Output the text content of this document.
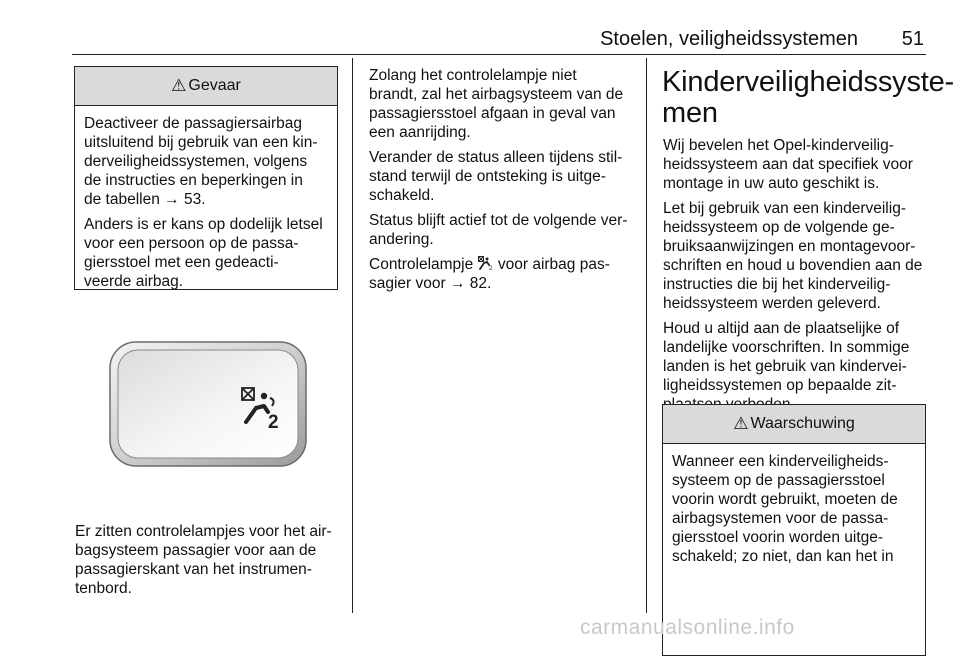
Stoelen, veiligheidssystemen 51
⚠ Gevaar

Deactiveer de passagiersairbag
uitsluitend bij gebruik van een kin-
derveiligheidssystemen, volgens
de instructies en beperkingen in
de tabellen → 53.

Anders is er kans op dodelijk letsel
voor een persoon op de passa-
giersstoel met een gedeacti-
veerde airbag.

2
Er zitten controlelampjes voor het air-
bagsysteem passagier voor aan de
passagierskant van het instrumen-
tenbord.

Zolang het controlelampje niet
brandt, zal het airbagsysteem van de
passagiersstoel afgaan in geval van
een aanrijding.

Verander de status alleen tijdens stil-
stand terwijl de ontsteking is uitge-
schakeld.

Status blijft actief tot de volgende ver-
andering.

Controlelampje	2 voor airbag pas-
sagier voor → 82.

Kinderveiligheidssyste-
men

Wij bevelen het Opel-kinderveilig-
heidssysteem aan dat specifiek voor
montage in uw auto geschikt is.

Let bij gebruik van een kinderveilig-
heidssysteem op de volgende ge-
bruiksaanwijzingen en montagevoor-
schriften en houd u bovendien aan de
instructies die bij het kinderveilig-
heidssysteem werden geleverd.

Houd u altijd aan de plaatselijke of
landelijke voorschriften. In sommige
landen is het gebruik van kindervei-
ligheidssystemen op bepaalde zit-

⚠ Waarschuwing
Wanneer een kinderveiligheids-
systeem op de passagiersstoel
voorin wordt gebruikt, moeten de
airbagsystemen voor de passa-
giersstoel voorin worden uitge-
schakeld; zo niet, dan kan het in
carmanualsonline.info
